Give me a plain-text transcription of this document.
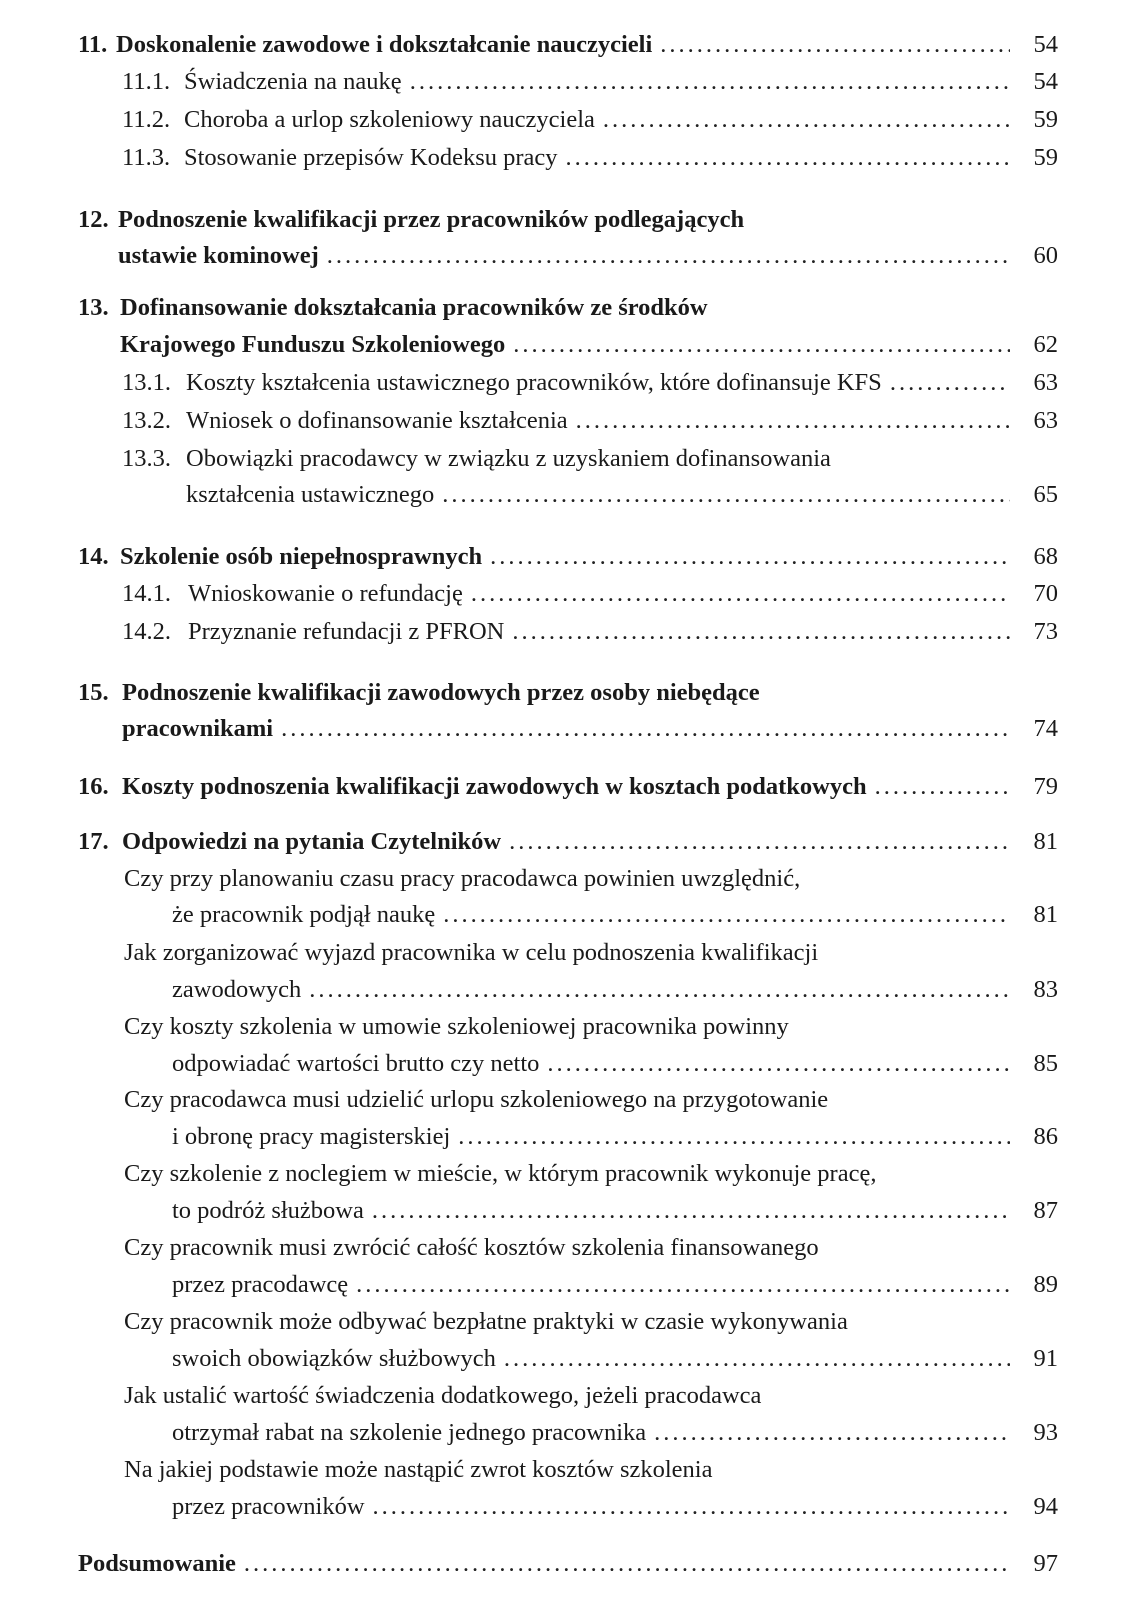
11. Doskonalenie zawodowe i dokształcanie nauczycieli .....	54
11.1. Świadczenia na naukę .....	54
11.2. Choroba a urlop szkoleniowy nauczyciela .....	59
11.3. Stosowanie przepisów Kodeksu pracy .....	59
12. Podnoszenie kwalifikacji przez pracowników podlegających
ustawie kominowej .....	60
13. Dofinansowanie dokształcania pracowników ze środków
Krajowego Funduszu Szkoleniowego .....	62
13.1. Koszty kształcenia ustawicznego pracowników, które dofinansuje KFS .....	63
13.2. Wniosek o dofinansowanie kształcenia .....	63
13.3. Obowiązki pracodawcy w związku z uzyskaniem dofinansowania
kształcenia ustawicznego .....	65
14. Szkolenie osób niepełnosprawnych .....	68
14.1. Wnioskowanie o refundację .....	70
14.2. Przyznanie refundacji z PFRON .....	73
15. Podnoszenie kwalifikacji zawodowych przez osoby niebędące
pracownikami .....	74
16. Koszty podnoszenia kwalifikacji zawodowych w kosztach podatkowych .....	79
17. Odpowiedzi na pytania Czytelników .....	81
Czy przy planowaniu czasu pracy pracodawca powinien uwzględnić,
że pracownik podjął naukę .....	81
Jak zorganizować wyjazd pracownika w celu podnoszenia kwalifikacji
zawodowych .....	83
Czy koszty szkolenia w umowie szkoleniowej pracownika powinny
odpowiadać wartości brutto czy netto .....	85
Czy pracodawca musi udzielić urlopu szkoleniowego na przygotowanie
i obronę pracy magisterskiej .....	86
Czy szkolenie z noclegiem w mieście, w którym pracownik wykonuje pracę,
to podróż służbowa .....	87
Czy pracownik musi zwrócić całość kosztów szkolenia finansowanego
przez pracodawcę .....	89
Czy pracownik może odbywać bezpłatne praktyki w czasie wykonywania
swoich obowiązków służbowych .....	91
Jak ustalić wartość świadczenia dodatkowego, jeżeli pracodawca
otrzymał rabat na szkolenie jednego pracownika .....	93
Na jakiej podstawie może nastąpić zwrot kosztów szkolenia
przez pracowników .....	94
Podsumowanie .....	97
